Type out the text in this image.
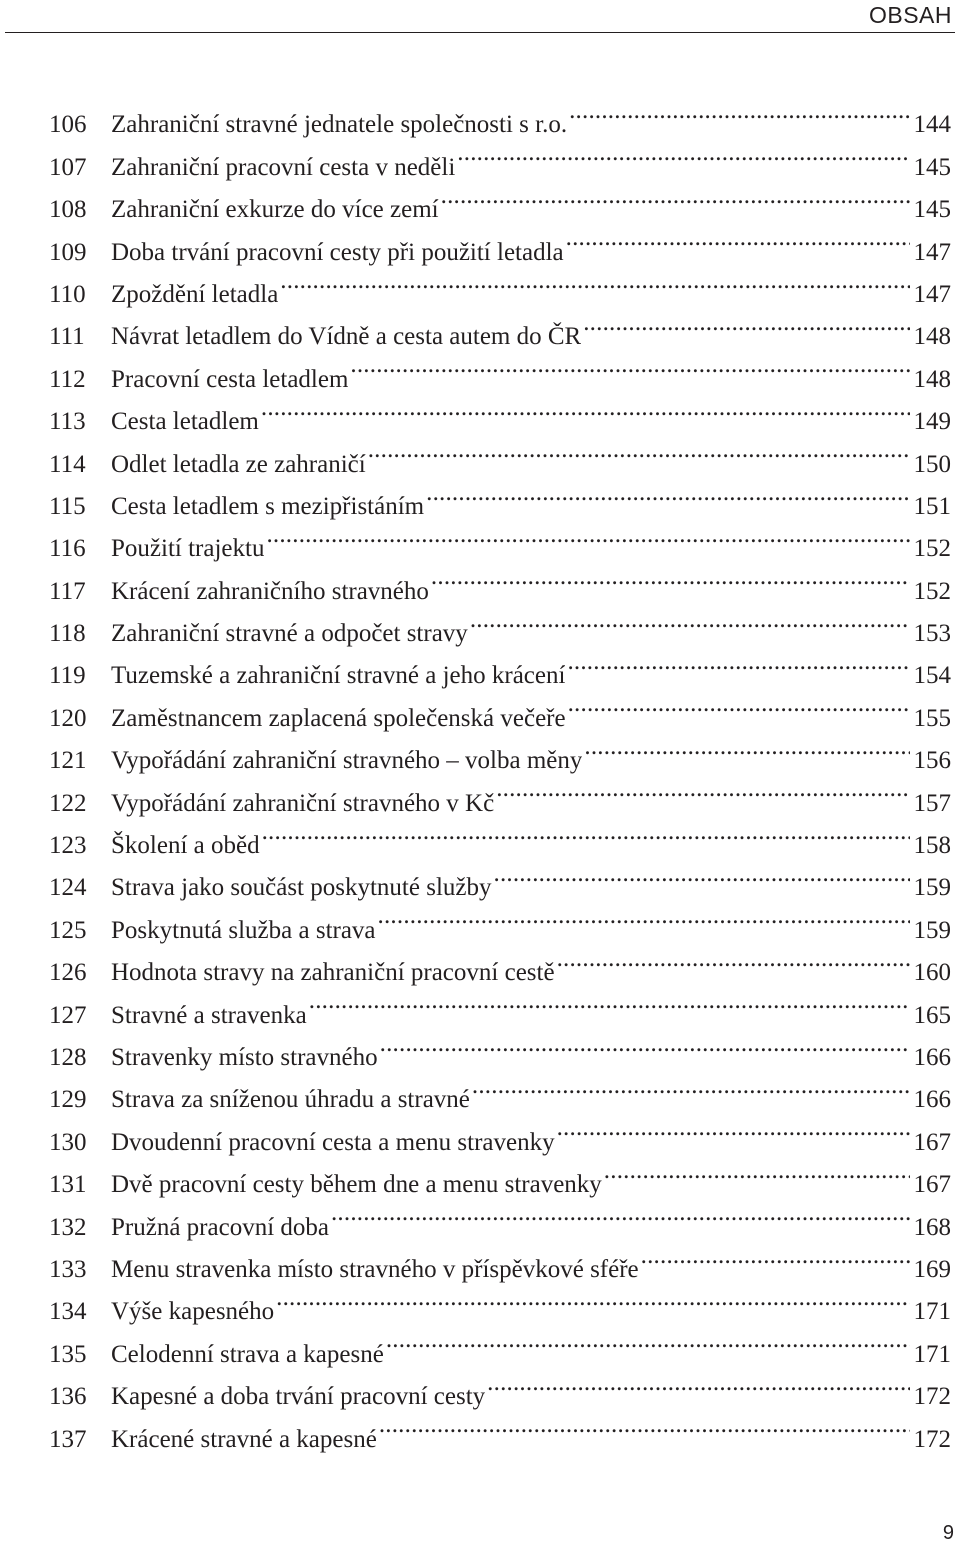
OBSAH
106 Zahraniční stravné jednatele společnosti s r.o. .....	144
107 Zahraniční pracovní cesta v neděli .....	145
108 Zahraniční exkurze do více zemí .....	145
109 Doba trvání pracovní cesty při použití letadla .....	147
110	Zpoždění letadla .....	147
111	Návrat letadlem do Vídně a cesta autem do ČR .....	148
112	Pracovní cesta letadlem .....	148
113	Cesta letadlem .....	149
114	Odlet letadla ze zahraničí .....	150
115	Cesta letadlem s mezipřistáním .....	151
116	Použití trajektu .....	152
117	Krácení zahraničního stravného .....	152
118	Zahraniční stravné a odpočet stravy .....	153
119	Tuzemské a zahraniční stravné a jeho krácení .....	154
120 Zaměstnancem zaplacená společenská večeře .....	155
121 Vypořádání zahraniční stravného – volba měny .....	156
122 Vypořádání zahraniční stravného v Kč .....	157
123 Školení a oběd .....	158
124 Strava jako součást poskytnuté služby .....	159
125 Poskytnutá služba a strava .....	159
126 Hodnota stravy na zahraniční pracovní cestě .....	160
127 Stravné a stravenka .....	165
128 Stravenky místo stravného .....	166
129 Strava za sníženou úhradu a stravné .....	166
130 Dvoudenní pracovní cesta a menu stravenky .....	167
131 Dvě pracovní cesty během dne a menu stravenky .....	167
132 Pružná pracovní doba .....	168
133 Menu stravenka místo stravného v příspěvkové sféře .....	169
134 Výše kapesného .....	171
135 Celodenní strava a kapesné .....	171
136 Kapesné a doba trvání pracovní cesty .....	172
137 Krácené stravné a kapesné .....	172
9
